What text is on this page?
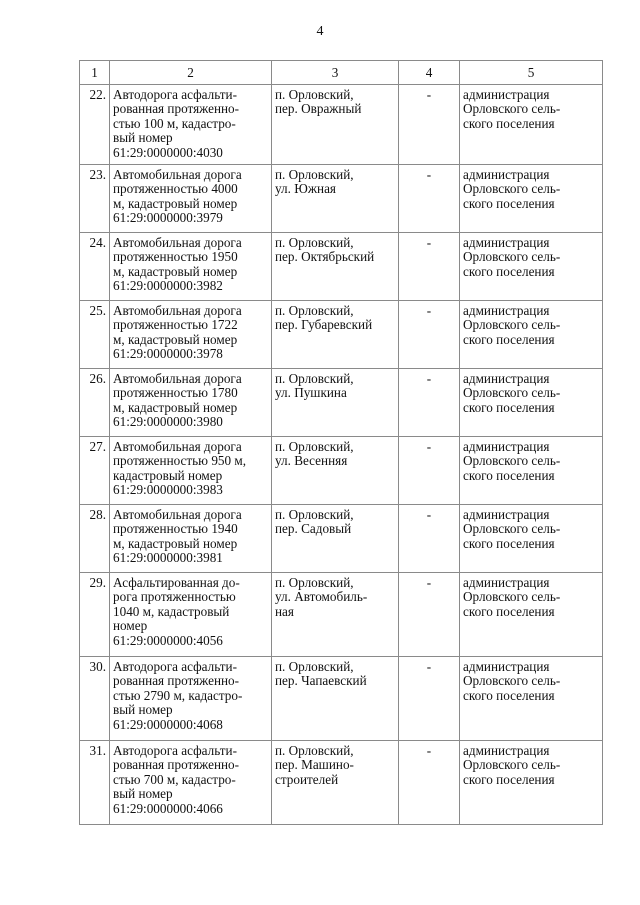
4
1	2	3	4	5
22.	Автодорога асфальти-
рованная протяженно-
стью 100 м, кадастро-
вый номер
61:29:0000000:4030	п. Орловский,
пер. Овражный	-	администрация
Орловского сель-
ского поселения

23.	Автомобильная дорога
протяженностью 4000
м, кадастровый номер
61:29:0000000:3979	п. Орловский,
ул. Южная	-	администрация
Орловского сель-
ского поселения

24.	Автомобильная дорога
протяженностью 1950
м, кадастровый номер
61:29:0000000:3982	п. Орловский,
пер. Октябрьский	-	администрация
Орловского сель-
ского поселения

25.	Автомобильная дорога
протяженностью 1722
м, кадастровый номер
61:29:0000000:3978	п. Орловский,
пер. Губаревский	-	администрация
Орловского сель-
ского поселения

26.	Автомобильная дорога
протяженностью 1780
м, кадастровый номер
61:29:0000000:3980	п. Орловский,
ул. Пушкина	-	администрация
Орловского сель-
ского поселения

27.	Автомобильная дорога
протяженностью 950 м,
кадастровый номер
61:29:0000000:3983	п. Орловский,
ул. Весенняя	-	администрация
Орловского сель-
ского поселения

28.	Автомобильная дорога
протяженностью 1940
м, кадастровый номер
61:29:0000000:3981	п. Орловский,
пер. Садовый	-	администрация
Орловского сель-
ского поселения

29.	Асфальтированная до-
рога протяженностью
1040 м, кадастровый
номер
61:29:0000000:4056	п. Орловский,
ул. Автомобиль-
ная	-	администрация
Орловского сель-
ского поселения

30.	Автодорога асфальти-
рованная протяженно-
стью 2790 м, кадастро-
вый номер
61:29:0000000:4068	п. Орловский,
пер. Чапаевский	-	администрация
Орловского сель-
ского поселения

31.	Автодорога асфальти-
рованная протяженно-
стью 700 м, кадастро-
вый номер
61:29:0000000:4066	п. Орловский,
пер. Машино-
строителей	-	администрация
Орловского сель-
ского поселения
